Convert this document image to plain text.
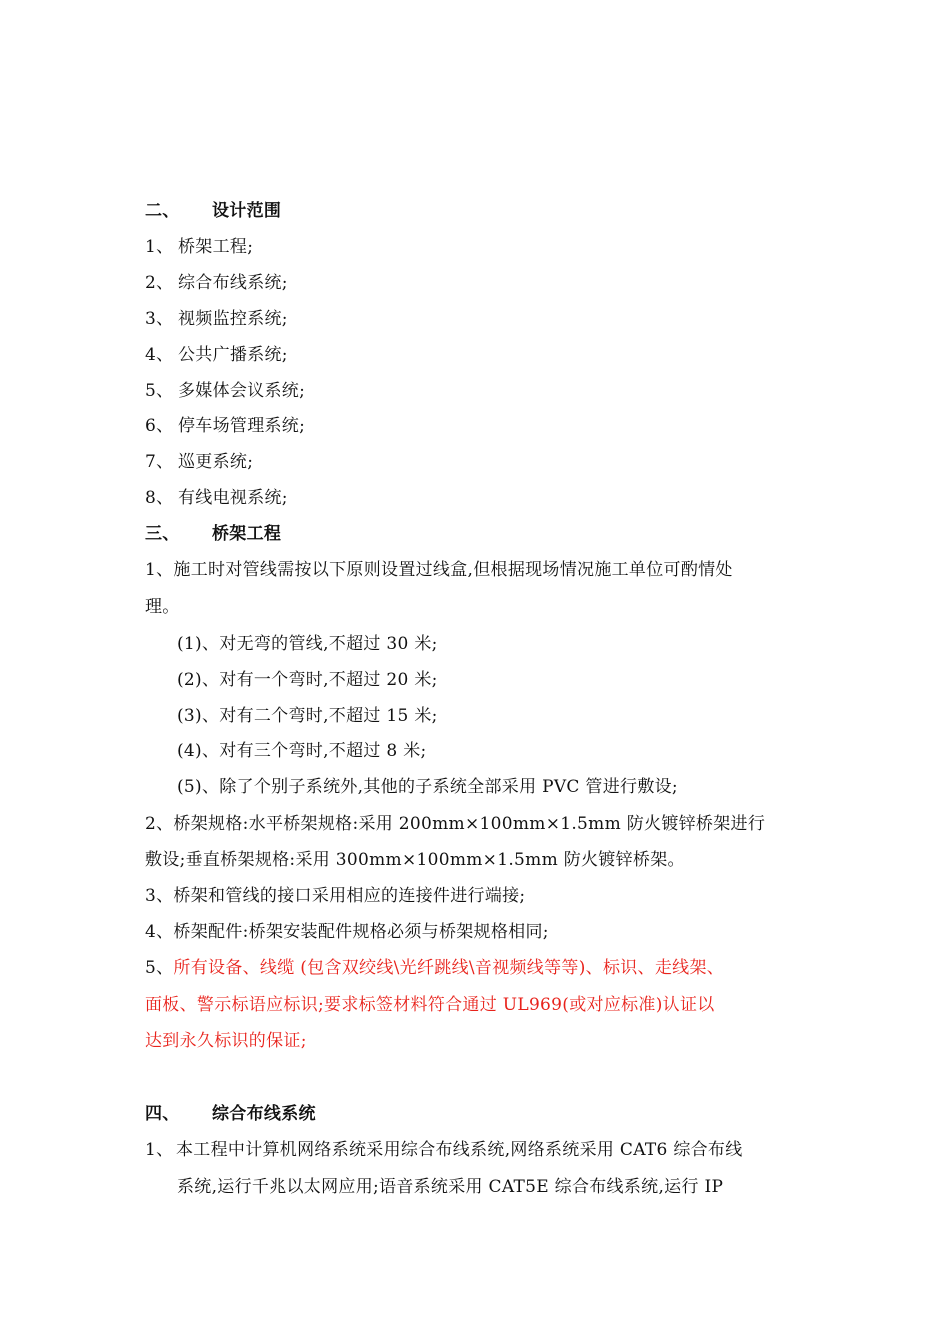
二、 设计范围
1、 桥架工程;
2、 综合布线系统;
3、 视频监控系统;
4、 公共广播系统;
5、 多媒体会议系统;
6、 停车场管理系统;
7、 巡更系统;
8、 有线电视系统;
三、 桥架工程
1、施工时对管线需按以下原则设置过线盒,但根据现场情况施工单位可酌情处
理。
(1)、对无弯的管线,不超过 30 米;
(2)、对有一个弯时,不超过 20 米;
(3)、对有二个弯时,不超过 15 米;
(4)、对有三个弯时,不超过 8 米;
(5)、除了个别子系统外,其他的子系统全部采用 PVC 管进行敷设;
2、桥架规格:水平桥架规格:采用 200mm×100mm×1.5mm 防火镀锌桥架进行
敷设;垂直桥架规格:采用 300mm×100mm×1.5mm 防火镀锌桥架。
3、桥架和管线的接口采用相应的连接件进行端接;
4、桥架配件:桥架安装配件规格必须与桥架规格相同;
5、所有设备、线缆 (包含双绞线\光纤跳线\音视频线等等)、标识、走线架、
面板、警示标语应标识;要求标签材料符合通过 UL969(或对应标准)认证以
达到永久标识的保证;
四、 综合布线系统
1、 本工程中计算机网络系统采用综合布线系统,网络系统采用 CAT6 综合布线
系统,运行千兆以太网应用;语音系统采用 CAT5E 综合布线系统,运行 IP
